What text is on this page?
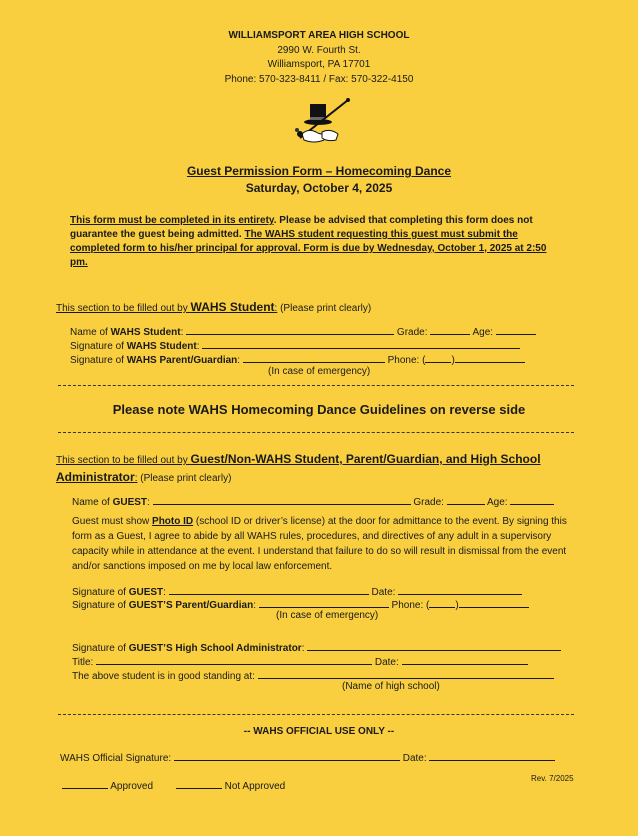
WILLIAMSPORT AREA HIGH SCHOOL
2990 W. Fourth St.
Williamsport, PA 17701
Phone: 570-323-8411 / Fax: 570-322-4150
Guest Permission Form – Homecoming Dance
Saturday, October 4, 2025
This form must be completed in its entirety. Please be advised that completing this form does not guarantee the guest being admitted. The WAHS student requesting this guest must submit the completed form to his/her principal for approval. Form is due by Wednesday, October 1, 2025 at 2:50 pm.
This section to be filled out by WAHS Student: (Please print clearly)
Name of WAHS Student:	Grade:	Age:
Signature of WAHS Student:
Signature of WAHS Parent/Guardian:	Phone: (	)
(In case of emergency)
Please note WAHS Homecoming Dance Guidelines on reverse side
This section to be filled out by Guest/Non-WAHS Student, Parent/Guardian, and High School
Administrator: (Please print clearly)
Name of GUEST:	Grade:	Age:
Guest must show Photo ID (school ID or driver’s license) at the door for admittance to the event. By signing this form as a Guest, I agree to abide by all WAHS rules, procedures, and directives of any adult in a supervisory capacity while in attendance at the event. I understand that failure to do so will result in dismissal from the event and/or sanctions imposed on me by local law enforcement.
Signature of GUEST:	Date:
Signature of GUEST’S Parent/Guardian:	Phone: (	)
(In case of emergency)
Signature of GUEST’S High School Administrator:
Title:	Date:
The above student is in good standing at:
(Name of high school)
-- WAHS OFFICIAL USE ONLY --
WAHS Official Signature:	Date:
Approved	Not Approved
Rev. 7/2025
